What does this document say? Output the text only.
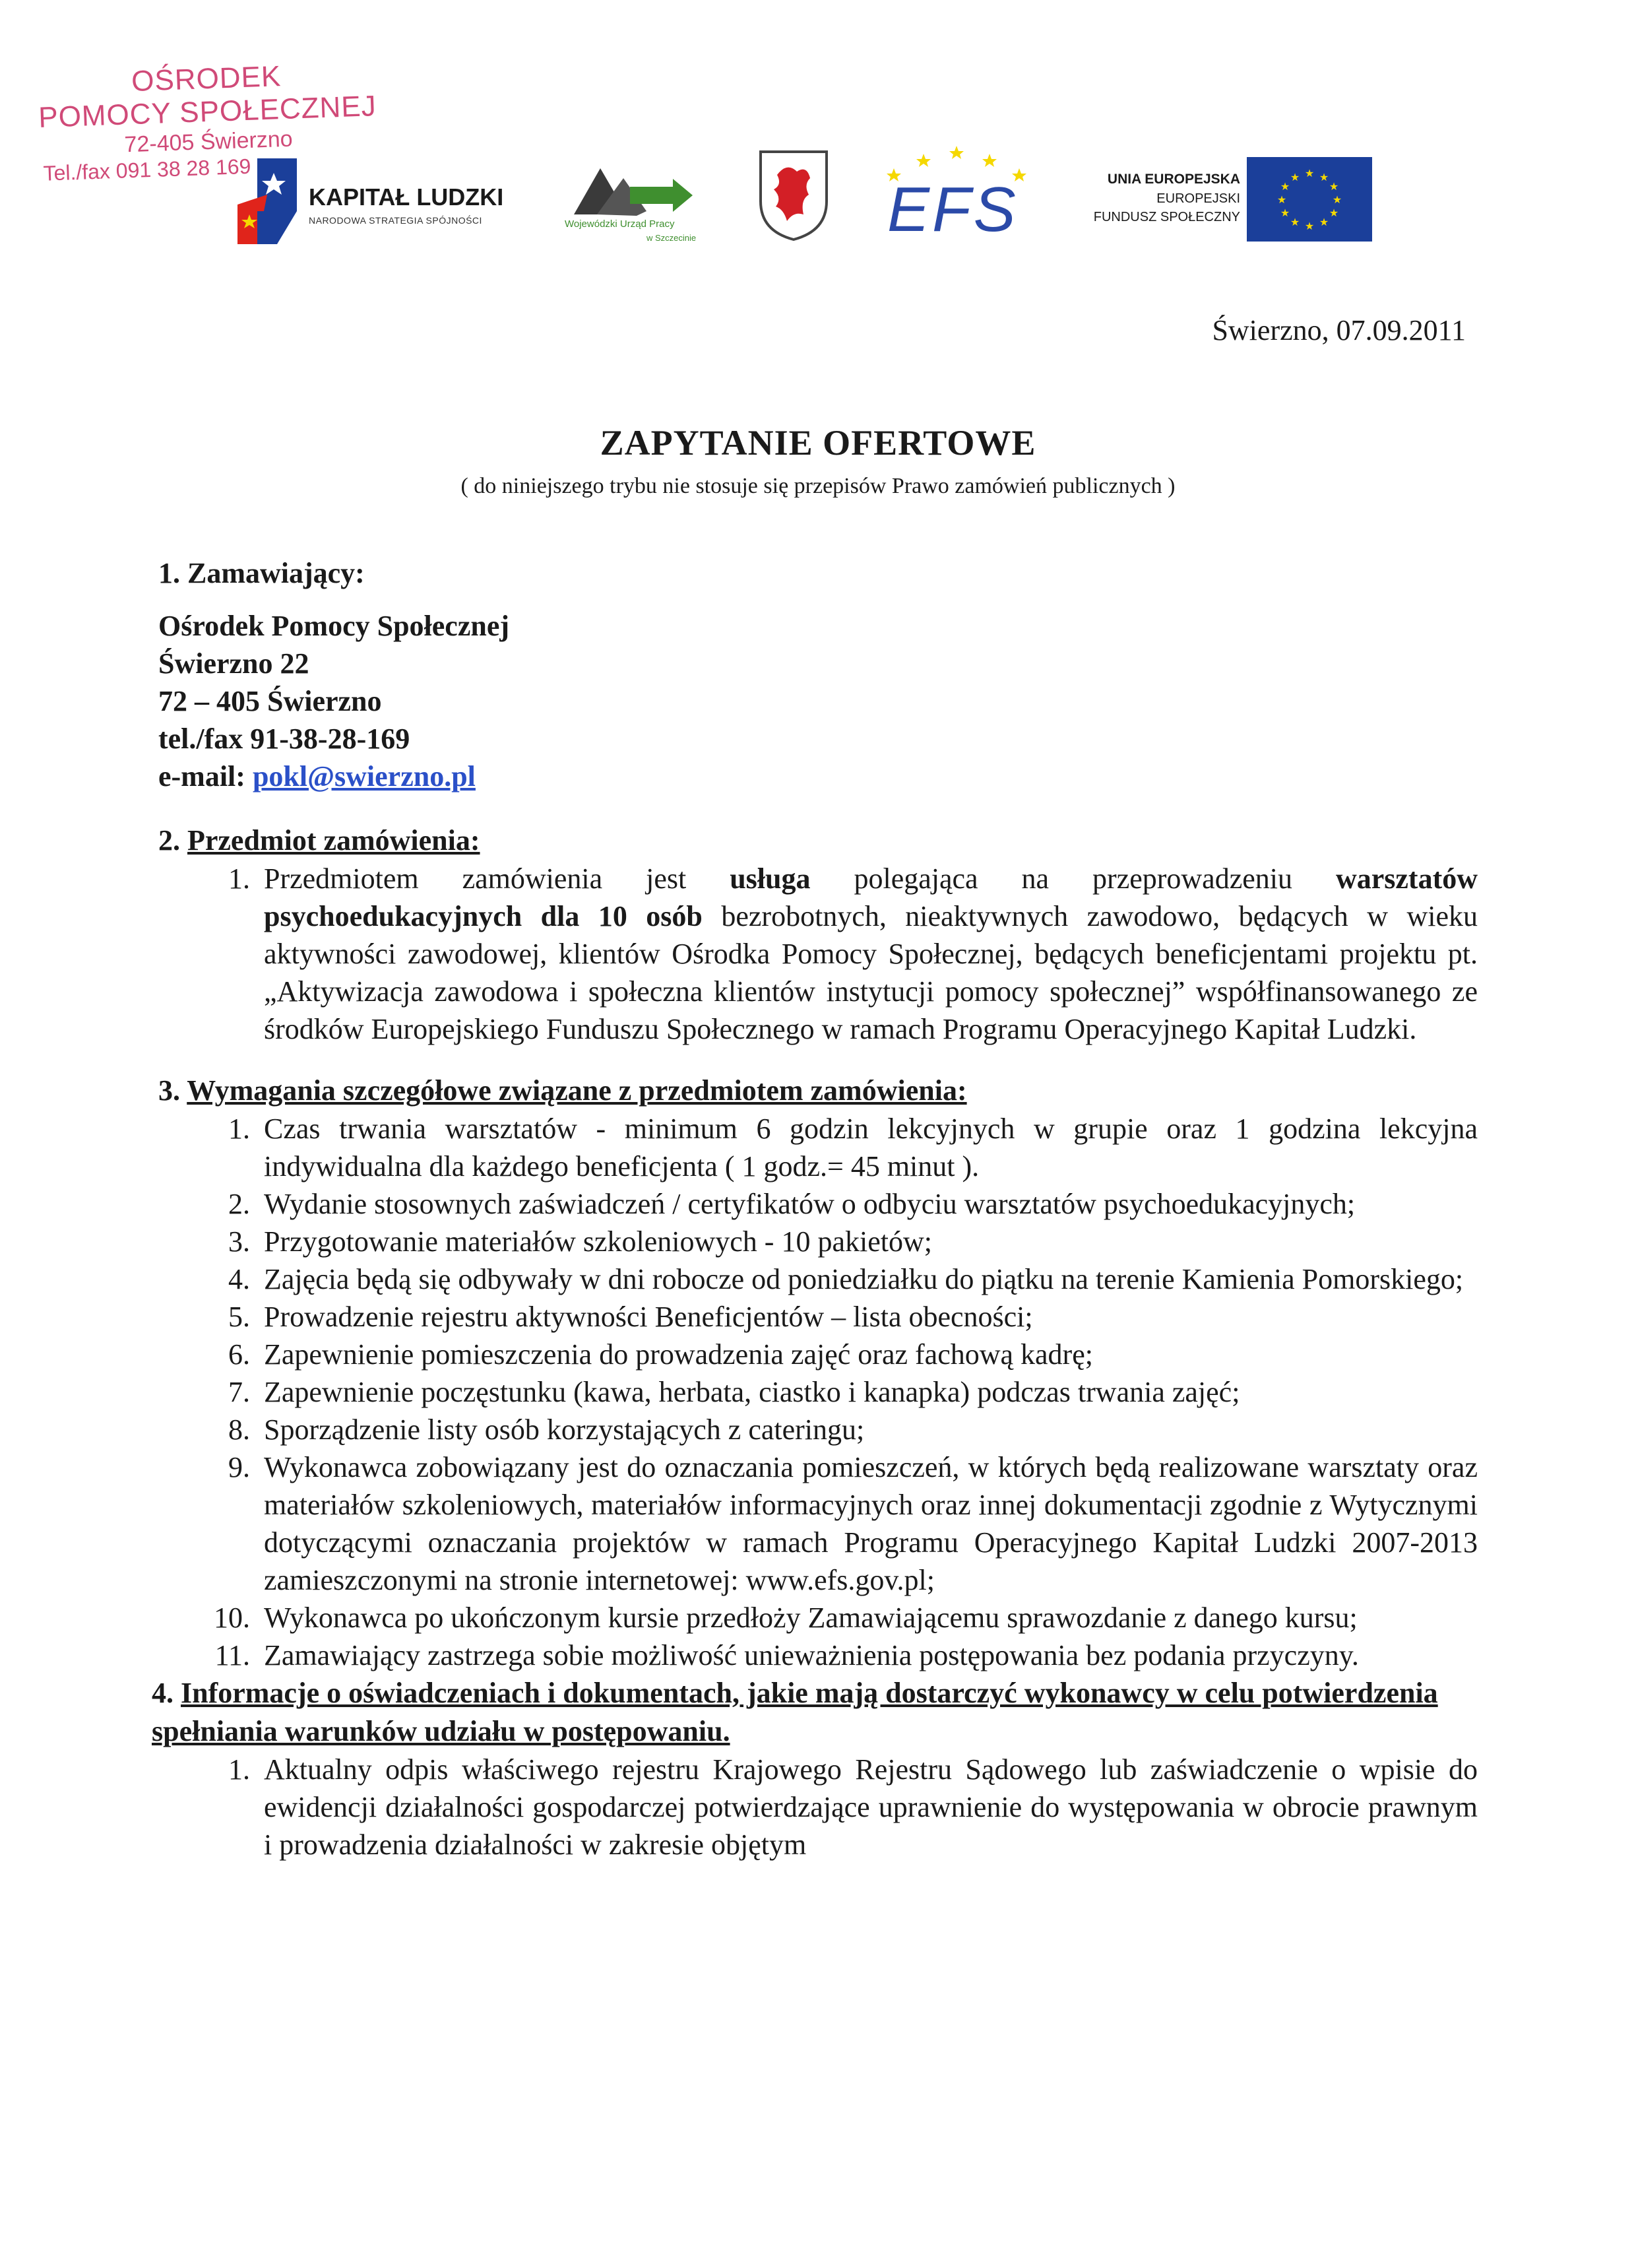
OŚRODEK
POMOCY SPOŁECZNEJ
72-405 Świerzno
Tel./fax 091 38 28 169
KAPITAŁ LUDZKI
NARODOWA STRATEGIA SPÓJNOŚCI	Wojewódzki Urząd Pracy
w Szczecinie	EFS	UNIA EUROPEJSKA
EUROPEJSKI
FUNDUSZ SPOŁECZNY
★ ★
★
★
★
★
★
★
★
★
★
★
Świerzno, 07.09.2011
ZAPYTANIE OFERTOWE
( do niniejszego trybu nie stosuje się przepisów Prawo zamówień publicznych )
1. Zamawiający:
Ośrodek Pomocy Społecznej
Świerzno 22
72 – 405 Świerzno
tel./fax 91-38-28-169
e-mail: pokl@swierzno.pl
2. Przedmiot zamówienia:
1. Przedmiotem zamówienia jest usługa polegająca na przeprowadzeniu warsztatów psychoedukacyjnych dla 10 osób bezrobotnych, nieaktywnych zawodowo, będących w wieku aktywności zawodowej, klientów Ośrodka Pomocy Społecznej, będących beneficjentami projektu pt. „Aktywizacja zawodowa i społeczna klientów instytucji pomocy społecznej” współfinansowanego ze środków Europejskiego Funduszu Społecznego w ramach Programu Operacyjnego Kapitał Ludzki.
3. Wymagania szczegółowe związane z przedmiotem zamówienia:
1. Czas trwania warsztatów - minimum 6 godzin lekcyjnych w grupie oraz 1 godzina lekcyjna indywidualna dla każdego beneficjenta ( 1 godz.= 45 minut ).
2. Wydanie stosownych zaświadczeń / certyfikatów o odbyciu warsztatów psychoedukacyjnych;
3. Przygotowanie materiałów szkoleniowych - 10 pakietów;
4. Zajęcia będą się odbywały w dni robocze od poniedziałku do piątku na terenie Kamienia Pomorskiego;
5. Prowadzenie rejestru aktywności Beneficjentów – lista obecności;
6. Zapewnienie pomieszczenia do prowadzenia zajęć oraz fachową kadrę;
7. Zapewnienie poczęstunku (kawa, herbata, ciastko i kanapka) podczas trwania zajęć;
8. Sporządzenie listy osób korzystających z cateringu;
9. Wykonawca zobowiązany jest do oznaczania pomieszczeń, w których będą realizowane warsztaty oraz materiałów szkoleniowych, materiałów informacyjnych oraz innej dokumentacji zgodnie z Wytycznymi dotyczącymi oznaczania projektów w ramach Programu Operacyjnego Kapitał Ludzki 2007-2013 zamieszczonymi na stronie internetowej: www.efs.gov.pl;
10. Wykonawca po ukończonym kursie przedłoży Zamawiającemu sprawozdanie z danego kursu;
11. Zamawiający zastrzega sobie możliwość unieważnienia postępowania bez podania przyczyny.
4. Informacje o oświadczeniach i dokumentach, jakie mają dostarczyć wykonawcy w celu potwierdzenia spełniania warunków udziału w postępowaniu.
1. Aktualny odpis właściwego rejestru Krajowego Rejestru Sądowego lub zaświadczenie o wpisie do ewidencji działalności gospodarczej potwierdzające uprawnienie do występowania w obrocie prawnym i prowadzenia działalności w zakresie objętym
